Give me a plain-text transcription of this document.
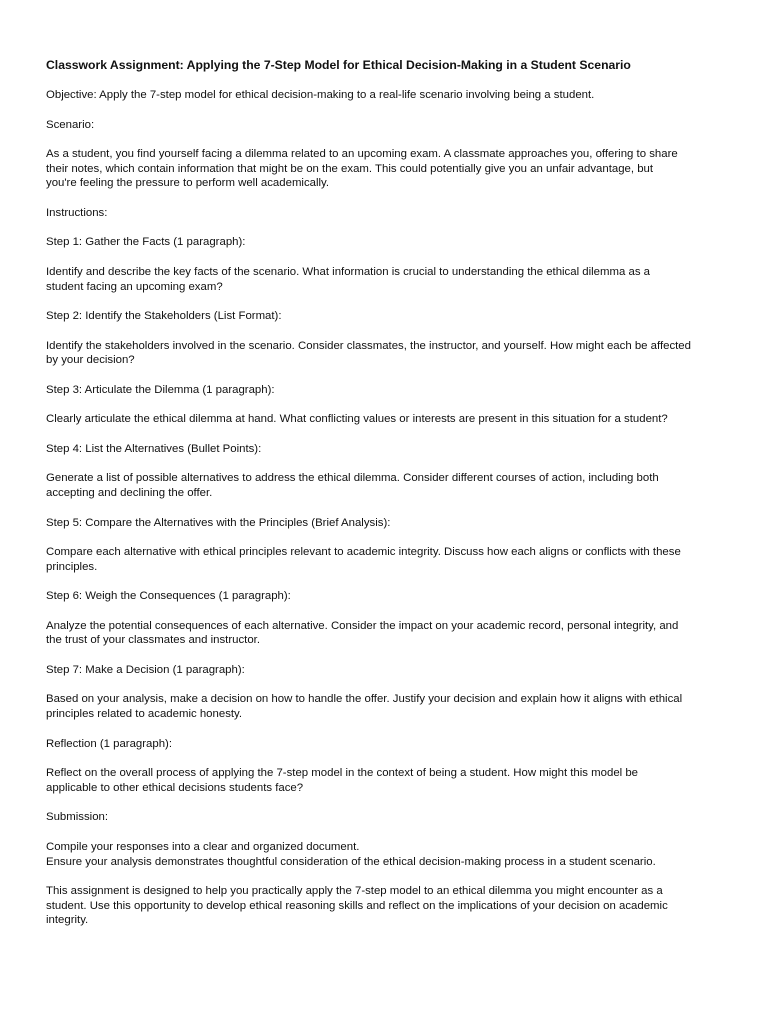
Classwork Assignment: Applying the 7-Step Model for Ethical Decision-Making in a Student Scenario
Objective: Apply the 7-step model for ethical decision-making to a real-life scenario involving being a student.
Scenario:
As a student, you find yourself facing a dilemma related to an upcoming exam. A classmate approaches you, offering to share
their notes, which contain information that might be on the exam. This could potentially give you an unfair advantage, but
you're feeling the pressure to perform well academically.
Instructions:
Step 1: Gather the Facts (1 paragraph):
Identify and describe the key facts of the scenario. What information is crucial to understanding the ethical dilemma as a
student facing an upcoming exam?
Step 2: Identify the Stakeholders (List Format):
Identify the stakeholders involved in the scenario. Consider classmates, the instructor, and yourself. How might each be affected
by your decision?
Step 3: Articulate the Dilemma (1 paragraph):
Clearly articulate the ethical dilemma at hand. What conflicting values or interests are present in this situation for a student?
Step 4: List the Alternatives (Bullet Points):
Generate a list of possible alternatives to address the ethical dilemma. Consider different courses of action, including both
accepting and declining the offer.
Step 5: Compare the Alternatives with the Principles (Brief Analysis):
Compare each alternative with ethical principles relevant to academic integrity. Discuss how each aligns or conflicts with these
principles.
Step 6: Weigh the Consequences (1 paragraph):
Analyze the potential consequences of each alternative. Consider the impact on your academic record, personal integrity, and
the trust of your classmates and instructor.
Step 7: Make a Decision (1 paragraph):
Based on your analysis, make a decision on how to handle the offer. Justify your decision and explain how it aligns with ethical
principles related to academic honesty.
Reflection (1 paragraph):
Reflect on the overall process of applying the 7-step model in the context of being a student. How might this model be
applicable to other ethical decisions students face?
Submission:
Compile your responses into a clear and organized document.
Ensure your analysis demonstrates thoughtful consideration of the ethical decision-making process in a student scenario.
This assignment is designed to help you practically apply the 7-step model to an ethical dilemma you might encounter as a
student. Use this opportunity to develop ethical reasoning skills and reflect on the implications of your decision on academic
integrity.
